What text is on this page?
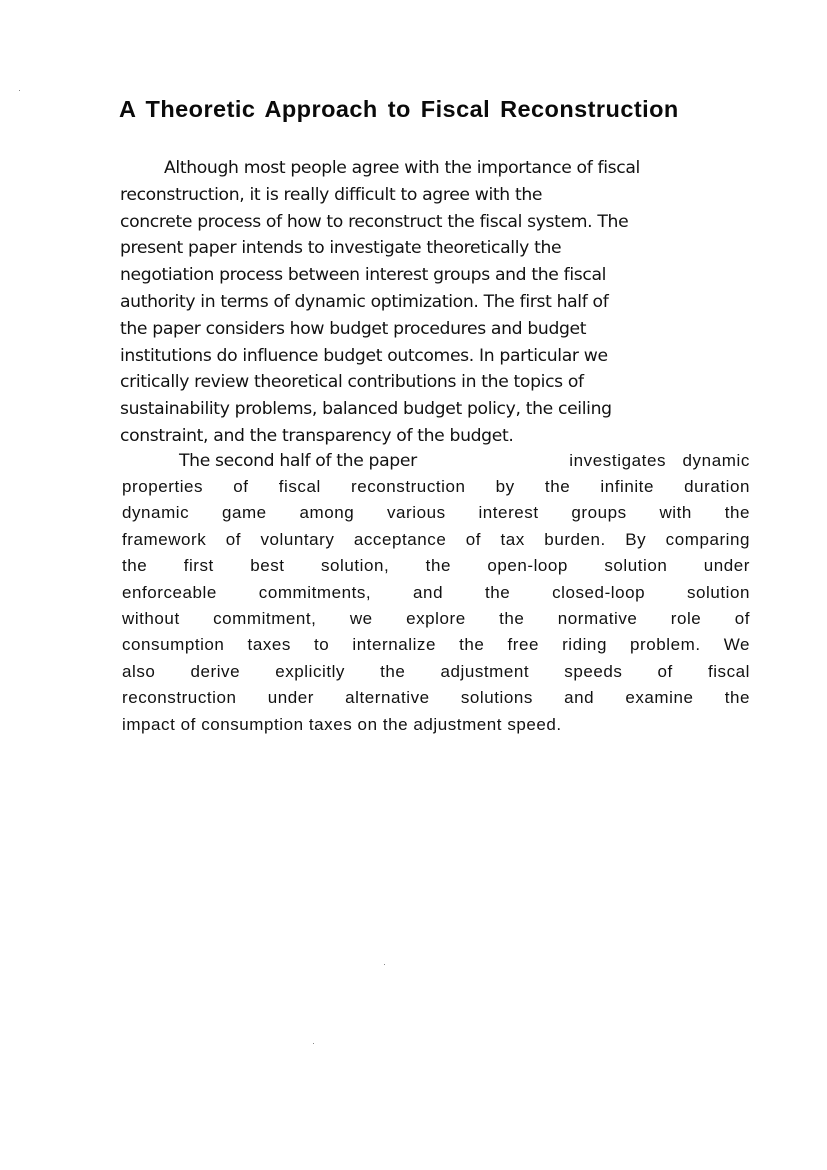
A Theoretic Approach to Fiscal Reconstruction
Although most people agree with the importance of fiscal
reconstruction, it is really difficult to agree with the
concrete process of how to reconstruct the fiscal system. The
present paper intends to investigate theoretically the
negotiation process between interest groups and the fiscal
authority in terms of dynamic optimization. The first half of
the paper considers how budget procedures and budget
institutions do influence budget outcomes. In particular we
critically review theoretical contributions in the topics of
sustainability problems, balanced budget policy, the ceiling
constraint, and the transparency of the budget.
The second half of the paper	investigates dynamic
properties of fiscal reconstruction by the infinite duration
dynamic game among various interest groups with the
framework of voluntary acceptance of tax burden. By comparing
the first best solution, the open-loop solution under
enforceable commitments, and the closed-loop solution
without commitment, we explore the normative role of
consumption taxes to internalize the free riding problem. We
also derive explicitly the adjustment speeds of fiscal
reconstruction under alternative solutions and examine the
impact of consumption taxes on the adjustment speed.
